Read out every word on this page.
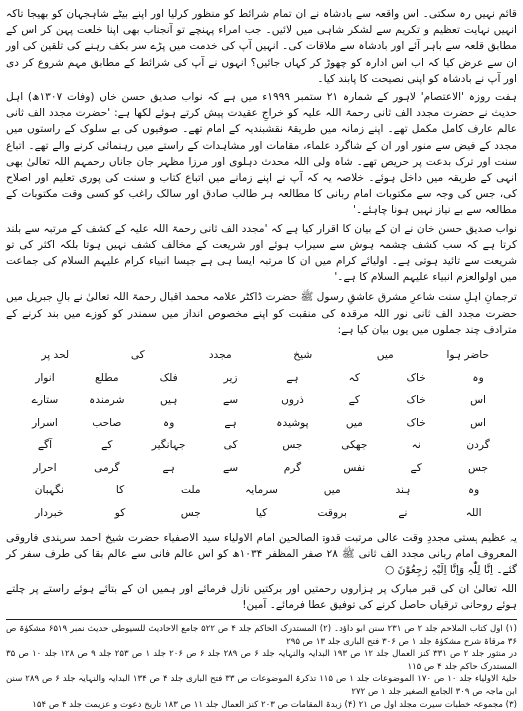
قائم نہیں رہ سکتی۔ اس واقعہ سے بادشاہ نے ان تمام شرائط کو منظور کرلیا اور اپنے بیٹے شاہجہان کو بھیجا تاکہ انہیں نہایت تعظیم و تکریم سے لشکر شاہی میں لائیں۔ جب امراء پہنچے تو آنجناب بھی اپنا خلعت پہن کر اس کے مطابق قلعہ سے باہر آئے اور بادشاہ سے ملاقات کی۔ انہیں آپ کی خدمت میں پڑے سر بکف رہنے کی تلقین کی اور ان سے عرض کیا کہ اب اس ادارہ کو چھوڑ کر کہاں جائیں؟ انہوں نے آپ کی شرائط کے مطابق مہم شروع کر دی اور آپ نے بادشاہ کو اپنی نصیحت کا پابند کیا۔

ہفت روزہ 'الاعتصام' لاہور کے شمارہ ۲۱ ستمبر ۱۹۹۹ء میں ہے کہ نواب صدیق حسن خاں (وفات ۱۳۰۷ھ) اہل حدیث نے حضرت مجدد الف ثانی رحمۃ اللہ علیہ کو خراجِ عقیدت پیش کرتے ہوئے لکھا ہے: 'حضرت مجدد الف ثانی عالم عارف کامل مکمل تھے۔ اپنے زمانہ میں طریقۂ نقشبندیہ کے امام تھے۔ صوفیوں کی بے سلوک کے راستوں میں مجدد کے فیض سے منور اور ان کے شاگرد علماء، مقامات اور مشاہدات کے راستے میں رہنمائی کرنے والے تھے۔ اتباع سنت اور ترک بدعت پر حریص تھے۔ شاہ ولی اللہ محدث دہلوی اور مرزا مظہر جان جاناں رحمہم اللہ تعالیٰ بھی انہی کے طریقہ میں داخل ہوئے۔ خلاصہ یہ کہ آپ نے اپنے زمانے میں اتباع کتاب و سنت کی پوری تعلیم اور اصلاح کی، جس کی وجہ سے مکتوبات امام ربانی کا مطالعہ ہر طالب صادق اور سالک راغب کو کسی وقت مکتوبات کے مطالعہ سے بے نیاز نہیں ہونا چاہئے۔'

نواب صدیق حسن خان نے ان کے بیان کا اقرار کیا ہے کہ 'مجدد الف ثانی رحمۃ اللہ علیہ کے کشف کے مرتبہ سے بلند کرتا ہے کہ سب کشف چشمہ ہوش سے سیراب ہوئے اور شریعت کے مخالف کشف نہیں ہوتا بلکہ اکثر کی تو شریعت سے تائید ہوتی ہے۔ اولیائے کرام میں ان کا مرتبہ ایسا ہی ہے جیسا انبیاء کرام علیہم السلام کی جماعت میں اولوالعزم انبیاء علیہم السلام کا ہے۔'

ترجمانِ اہلِ سنت شاعرِ مشرق عاشقِ رسول ﷺ حضرت ڈاکٹر علامہ محمد اقبال رحمۃ اللہ تعالیٰ نے بالِ جبریل میں حضرت مجدد الف ثانی نور اللہ مرقدہ کی منقبت کو اپنے مخصوص انداز میں سمندر کو کوزے میں بند کرنے کے مترادف چند جملوں میں یوں بیان کیا ہے:

حاضر ہوا
میں
شیخ
مجدد
کی
لحد پر
وہ
خاک
کہ
ہے
زیر
فلک
مطلع
انوار
اس
خاک
کے
ذروں
سے
ہیں
شرمندہ
ستارے
اس
خاک
میں
پوشیدہ
ہے
وہ
صاحب
اسرار
گردن
نہ
جھکی
جس
کی
جہانگیر
کے
آگے
جس
کے
نفس
گرم
سے
ہے
گرمی
احرار
وہ
ہند
میں
سرمایہ
ملت
کا
نگہبان
اللہ
نے
بروقت
کیا
جس
کو
خبردار

یہ عظیم ہستی مجددِ وقت عالی مرتبت قدوۃ الصالحین امام الاولیاء سید الاصفیاء حضرت شیخ احمد سرہندی فاروقی المعروف امام ربانی مجدد الف ثانی ﷺ ۲۸ صفر المظفر ۱۰۳۴ھ کو اس عالم فانی سے عالم بقا کی طرف سفر کر گئے۔ اِنَّا لِلّٰہِ وَاِنَّا اِلَیْہِ رٰجِعُوْنَ ○

اللہ تعالیٰ ان کی قبر مبارک پر ہزاروں رحمتیں اور برکتیں نازل فرمائے اور ہمیں ان کے بتائے ہوئے راستے پر چلتے ہوئے روحانی ترقیاں حاصل کرنے کی توفیق عطا فرمائے۔ آمین!

(۱) اول کتاب الملاحم جلد ۲ ص ۲۳۱ سنن ابو داؤد۔ (۲) المستدرک الحاکم جلد ۴ ص ۵۲۲ جامع الاحادیث للسیوطی حدیث نمبر ۶۵۱۹ مشکوٰۃ ص ۳۶ مرقاۃ شرح مشکوٰۃ جلد ۱ ص ۳۰۶ فتح الباری جلد ۱۳ ص ۲۹۵

در منثور جلد ۲ ص ۳۳۱ کنز العمال جلد ۱۲ ص ۱۹۳ البدایہ والنہایہ جلد ۶ ص ۲۸۹ جلد ۶ ص ۲۰۶ جلد ۱ ص ۲۵۳ جلد ۹ ص ۱۲۸ جلد ۱۰ ص ۳۵ المستدرک حاکم جلد ۴ ص ۱۱۵

حلیۃ الاولیاء جلد ۱۰ ص ۱۷۰ الموضوعات جلد ۱ ص ۱۱۵ تذکرۃ الموضوعات ص ۳۳ فتح الباری جلد ۴ ص ۱۳۴ البدایہ والنہایہ جلد ۶ ص ۲۸۹ سنن ابن ماجہ ص ۳۰۹ الجامع الصغیر جلد ۱ ص ۲۷۲

(۳) مجموعہ خطبات سیرت مجلد اول ص ۲۱ (۴) زبدۃ المقامات ص ۲۰۳ کنز العمال جلد ۱۱ ص ۱۸۳ تاریخ دعوت و عزیمت جلد ۴ ص ۱۵۴
